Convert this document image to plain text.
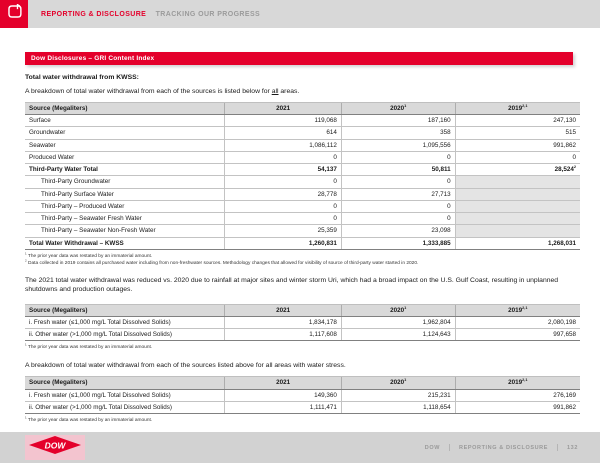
REPORTING & DISCLOSURE TRACKING OUR PROGRESS
Dow Disclosures – GRI Content Index
Total water withdrawal from KWSS:
A breakdown of total water withdrawal from each of the sources is listed below for all areas.
Source (Megaliters)	2021	2020$^1$	2019$^{2,1}$
Surface	119,068	187,160	247,130
Groundwater	614	358	515
Seawater	1,086,112	1,095,556	991,862
Produced Water	0	0	0
Third-Party Water Total	54,137	50,811	28,524$^2$
Third-Party Groundwater	0	0	
Third-Party Surface Water	28,778	27,713	
Third-Party – Produced Water	0	0	
Third-Party – Seawater Fresh Water	0	0	
Third-Party – Seawater Non-Fresh Water	25,359	23,098	
Total Water Withdrawal – KWSS	1,260,831	1,333,885	1,268,031
$^1$ The prior year data was restated by an immaterial amount.
$^2$ Data collected in 2019 contains all purchased water including from non-freshwater sources. Methodology changes that allowed for visibility of source of third-party water started in 2020.
The 2021 total water withdrawal was reduced vs. 2020 due to rainfall at major sites and winter storm Uri, which had a broad impact on the U.S. Gulf Coast, resulting in unplanned shutdowns and production outages.
Source (Megaliters)	2021	2020$^1$	2019$^{2,1}$
i. Fresh water (≤1,000 mg/L Total Dissolved Solids)	1,834,178	1,962,804	2,080,198
ii. Other water (>1,000 mg/L Total Dissolved Solids)	1,117,608	1,124,643	997,658
$^1$ The prior year data was restated by an immaterial amount.
A breakdown of total water withdrawal from each of the sources listed above for all areas with water stress.
Source (Megaliters)	2021	2020$^1$	2019$^{2,1}$
i. Fresh water (≤1,000 mg/L Total Dissolved Solids)	149,360	215,231	276,169
ii. Other water (>1,000 mg/L Total Dissolved Solids)	1,111,471	1,118,654	991,862
$^1$ The prior year data was restated by an immaterial amount.
DOW	DOW	REPORTING & DISCLOSURE	132
